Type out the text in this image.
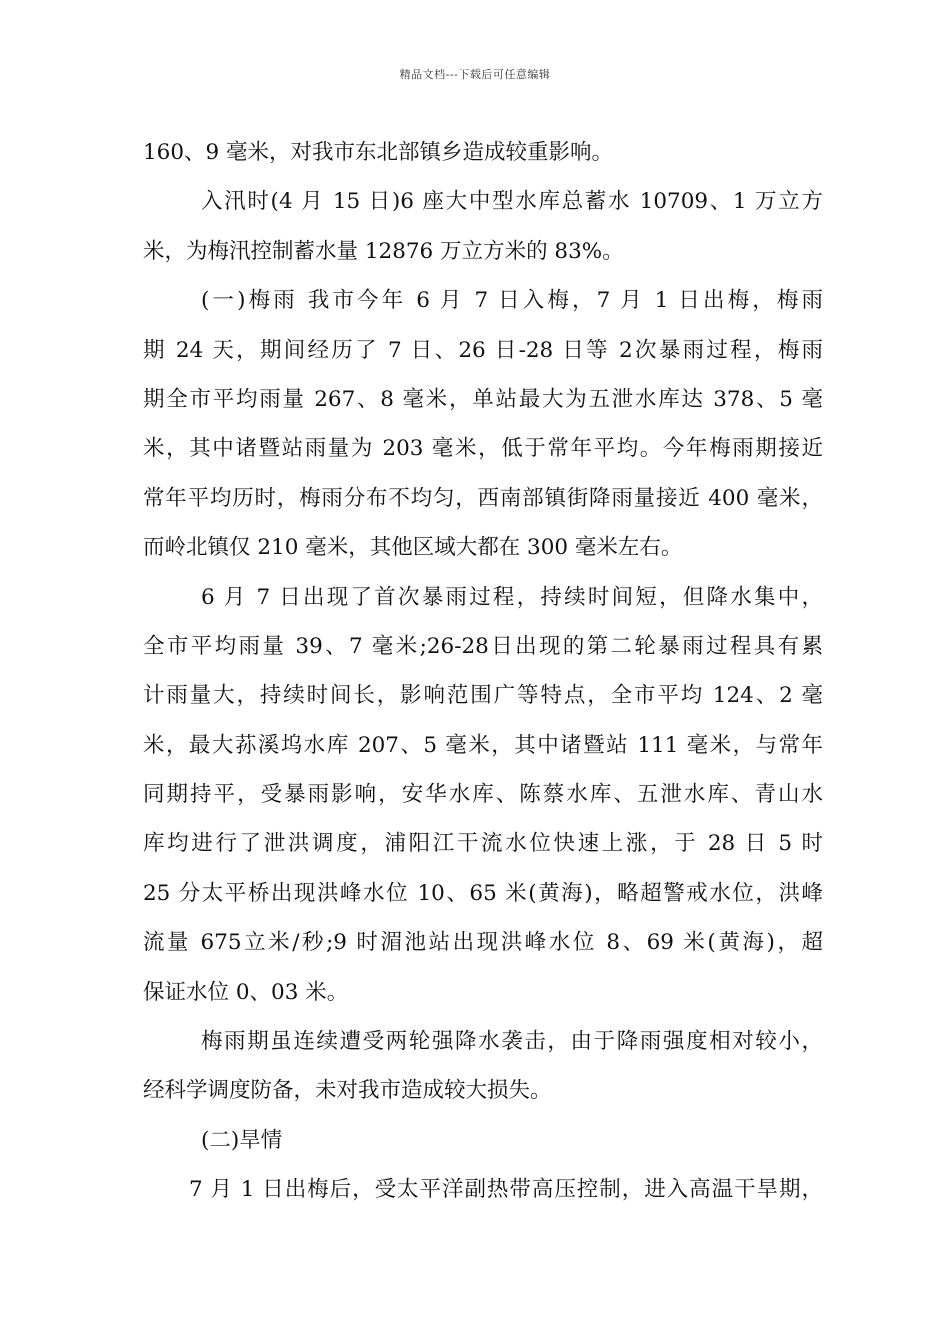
精品文档---下载后可任意编辑
160、9 毫米，对我市东北部镇乡造成较重影响。
入汛时(4 月 15 日)6 座大中型水库总蓄水 10709、1 万立方
米，为梅汛控制蓄水量 12876 万立方米的 83%。
(一)梅雨 我市今年 6 月 7 日入梅，7 月 1 日出梅，梅雨
期 24 天，期间经历了 7 日、26 日-28 日等 2次暴雨过程，梅雨
期全市平均雨量 267、8 毫米，单站最大为五泄水库达 378、5 毫
米，其中诸暨站雨量为 203 毫米，低于常年平均。今年梅雨期接近
常年平均历时，梅雨分布不均匀，西南部镇街降雨量接近 400 毫米，
而岭北镇仅 210 毫米，其他区域大都在 300 毫米左右。
6 月 7 日出现了首次暴雨过程，持续时间短，但降水集中，
全市平均雨量 39、7 毫米;26-28日出现的第二轮暴雨过程具有累
计雨量大，持续时间长，影响范围广等特点，全市平均 124、2 毫
米，最大荪溪坞水库 207、5 毫米，其中诸暨站 111 毫米，与常年
同期持平，受暴雨影响，安华水库、陈蔡水库、五泄水库、青山水
库均进行了泄洪调度，浦阳江干流水位快速上涨，于 28 日 5 时
25 分太平桥出现洪峰水位 10、65 米(黄海)，略超警戒水位，洪峰
流量 675立米/秒;9 时湄池站出现洪峰水位 8、69 米(黄海)，超
保证水位 0、03 米。
梅雨期虽连续遭受两轮强降水袭击，由于降雨强度相对较小，
经科学调度防备，未对我市造成较大损失。
(二)旱情
7 月 1 日出梅后，受太平洋副热带高压控制，进入高温干旱期，
